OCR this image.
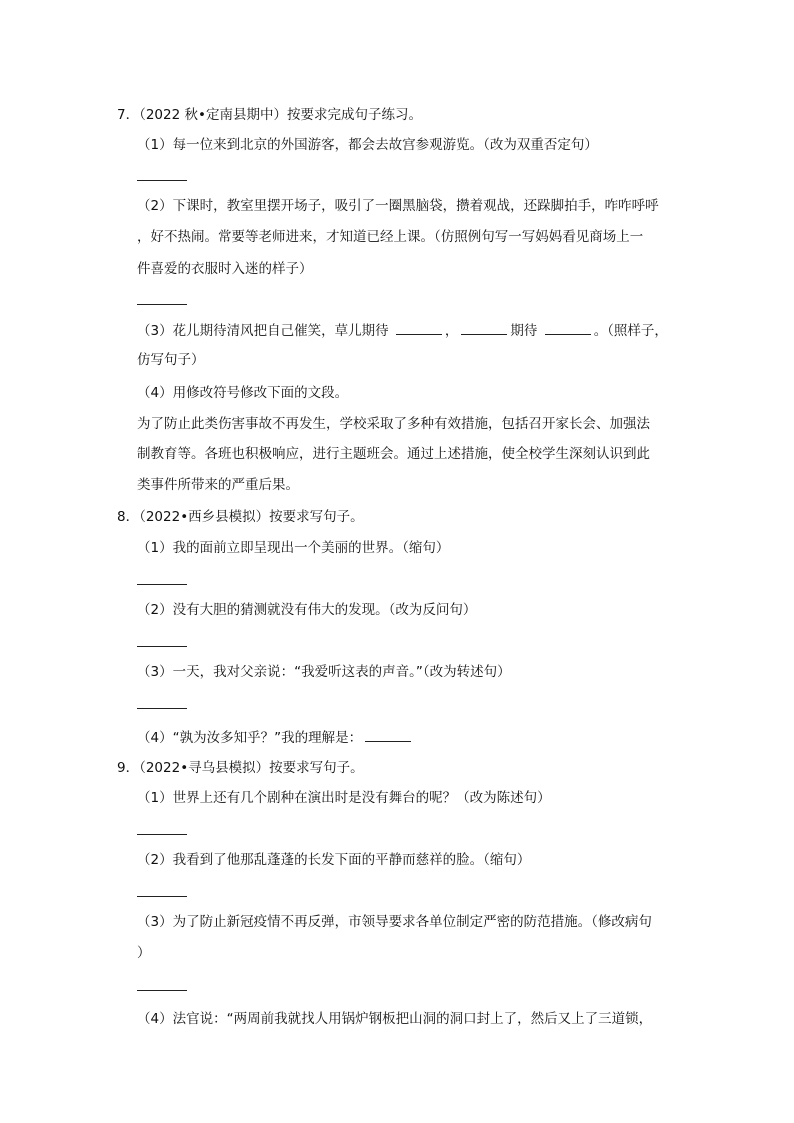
7．（2022 秋•定南县期中）按要求完成句子练习。
（1）每一位来到北京的外国游客，都会去故宫参观游览。（改为双重否定句）
（2）下课时，教室里摆开场子，吸引了一圈黑脑袋，攒着观战，还跺脚拍手，咋咋呼呼
，好不热闹。常要等老师进来，才知道已经上课。（仿照例句写一写妈妈看见商场上一
件喜爱的衣服时入迷的样子）
（3）花儿期待清风把自己催笑，草儿期待	，	期待	。（照样子，
仿写句子）
（4）用修改符号修改下面的文段。
为了防止此类伤害事故不再发生，学校采取了多种有效措施，包括召开家长会、加强法
制教育等。各班也积极响应，进行主题班会。通过上述措施，使全校学生深刻认识到此
类事件所带来的严重后果。
8．（2022•西乡县模拟）按要求写句子。
（1）我的面前立即呈现出一个美丽的世界。（缩句）
（2）没有大胆的猜测就没有伟大的发现。（改为反问句）
（3）一天，我对父亲说：“我爱听这表的声音。”（改为转述句）
（4）“孰为汝多知乎？”我的理解是：
9．（2022•寻乌县模拟）按要求写句子。
（1）世界上还有几个剧种在演出时是没有舞台的呢？（改为陈述句）
（2）我看到了他那乱蓬蓬的长发下面的平静而慈祥的脸。（缩句）
（3）为了防止新冠疫情不再反弹，市领导要求各单位制定严密的防范措施。（修改病句
）
（4）法官说：“两周前我就找人用锅炉钢板把山洞的洞口封上了，然后又上了三道锁，
